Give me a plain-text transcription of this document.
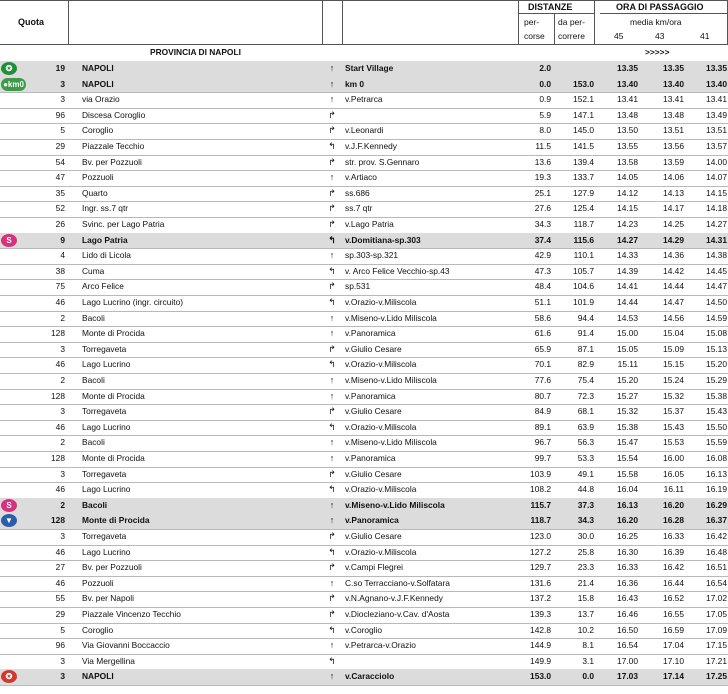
Quota
DISTANZE	ORA DI PASSAGGIO
per-
corse
da per-
correre
media km/ora
45	43	41
PROVINCIA DI NAPOLI	>>>>>
✪	19 NAPOLI	↑	Start Village	2.0	13.35	13.35	13.35
●km0	3 NAPOLI	↑	km 0	0.0	153.0	13.40	13.40	13.40
3 via Orazio	↑	v.Petrarca	0.9	152.1	13.41	13.41	13.41
96 Discesa Coroglio	↱	5.9	147.1	13.48	13.48	13.49
5 Coroglio	↱	v.Leonardi	8.0	145.0	13.50	13.51	13.51
29 Piazzale Tecchio	↰	v.J.F.Kennedy	11.5	141.5	13.55	13.56	13.57
54 Bv. per Pozzuoli	↱	str. prov. S.Gennaro	13.6	139.4	13.58	13.59	14.00
47 Pozzuoli	↑	v.Artiaco	19.3	133.7	14.05	14.06	14.07
35 Quarto	↱	ss.686	25.1	127.9	14.12	14.13	14.15
52 Ingr. ss.7 qtr	↱	ss.7 qtr	27.6	125.4	14.15	14.17	14.18
26 Svinc. per Lago Patria	↱	v.Lago Patria	34.3	118.7	14.23	14.25	14.27
S	9 Lago Patria	↰	v.Domitiana-sp.303	37.4	115.6	14.27	14.29	14.31
4 Lido di Licola	↑	sp.303-sp.321	42.9	110.1	14.33	14.36	14.38
38 Cuma	↰	v. Arco Felice Vecchio-sp.43	47.3	105.7	14.39	14.42	14.45
75 Arco Felice	↱	sp.531	48.4	104.6	14.41	14.44	14.47
46 Lago Lucrino (ingr. circuito)	↰	v.Orazio-v.Miliscola	51.1	101.9	14.44	14.47	14.50
2 Bacoli	↑	v.Miseno-v.Lido Miliscola	58.6	94.4	14.53	14.56	14.59
128 Monte di Procida	↑	v.Panoramica	61.6	91.4	15.00	15.04	15.08
3 Torregaveta	↱	v.Giulio Cesare	65.9	87.1	15.05	15.09	15.13
46 Lago Lucrino	↰	v.Orazio-v.Miliscola	70.1	82.9	15.11	15.15	15.20
2 Bacoli	↑	v.Miseno-v.Lido Miliscola	77.6	75.4	15.20	15.24	15.29
128 Monte di Procida	↑	v.Panoramica	80.7	72.3	15.27	15.32	15.38
3 Torregaveta	↱	v.Giulio Cesare	84.9	68.1	15.32	15.37	15.43
46 Lago Lucrino	↰	v.Orazio-v.Miliscola	89.1	63.9	15.38	15.43	15.50
2 Bacoli	↑	v.Miseno-v.Lido Miliscola	96.7	56.3	15.47	15.53	15.59
128 Monte di Procida	↑	v.Panoramica	99.7	53.3	15.54	16.00	16.08
3 Torregaveta	↱	v.Giulio Cesare	103.9	49.1	15.58	16.05	16.13
46 Lago Lucrino	↰	v.Orazio-v.Miliscola	108.2	44.8	16.04	16.11	16.19
S	2 Bacoli	↑	v.Miseno-v.Lido Miliscola	115.7	37.3	16.13	16.20	16.29
▼	128 Monte di Procida	↑	v.Panoramica	118.7	34.3	16.20	16.28	16.37
3 Torregaveta	↱	v.Giulio Cesare	123.0	30.0	16.25	16.33	16.42
46 Lago Lucrino	↰	v.Orazio-v.Miliscola	127.2	25.8	16.30	16.39	16.48
27 Bv. per Pozzuoli	↱	v.Campi Flegrei	129.7	23.3	16.33	16.42	16.51
46 Pozzuoli	↑	C.so Terracciano-v.Solfatara	131.6	21.4	16.36	16.44	16.54
55 Bv. per Napoli	↱	v.N.Agnano-v.J.F.Kennedy	137.2	15.8	16.43	16.52	17.02
29 Piazzale Vincenzo Tecchio	↱	v.Diocleziano-v.Cav. d'Aosta	139.3	13.7	16.46	16.55	17.05
5 Coroglio	↰	v.Coroglio	142.8	10.2	16.50	16.59	17.09
96 Via Giovanni Boccaccio	↑	v.Petrarca-v.Orazio	144.9	8.1	16.54	17.04	17.15
3 Via Mergellina	↰	149.9	3.1	17.00	17.10	17.21
✪	3 NAPOLI	↑	v.Caracciolo	153.0	0.0	17.03	17.14	17.25
